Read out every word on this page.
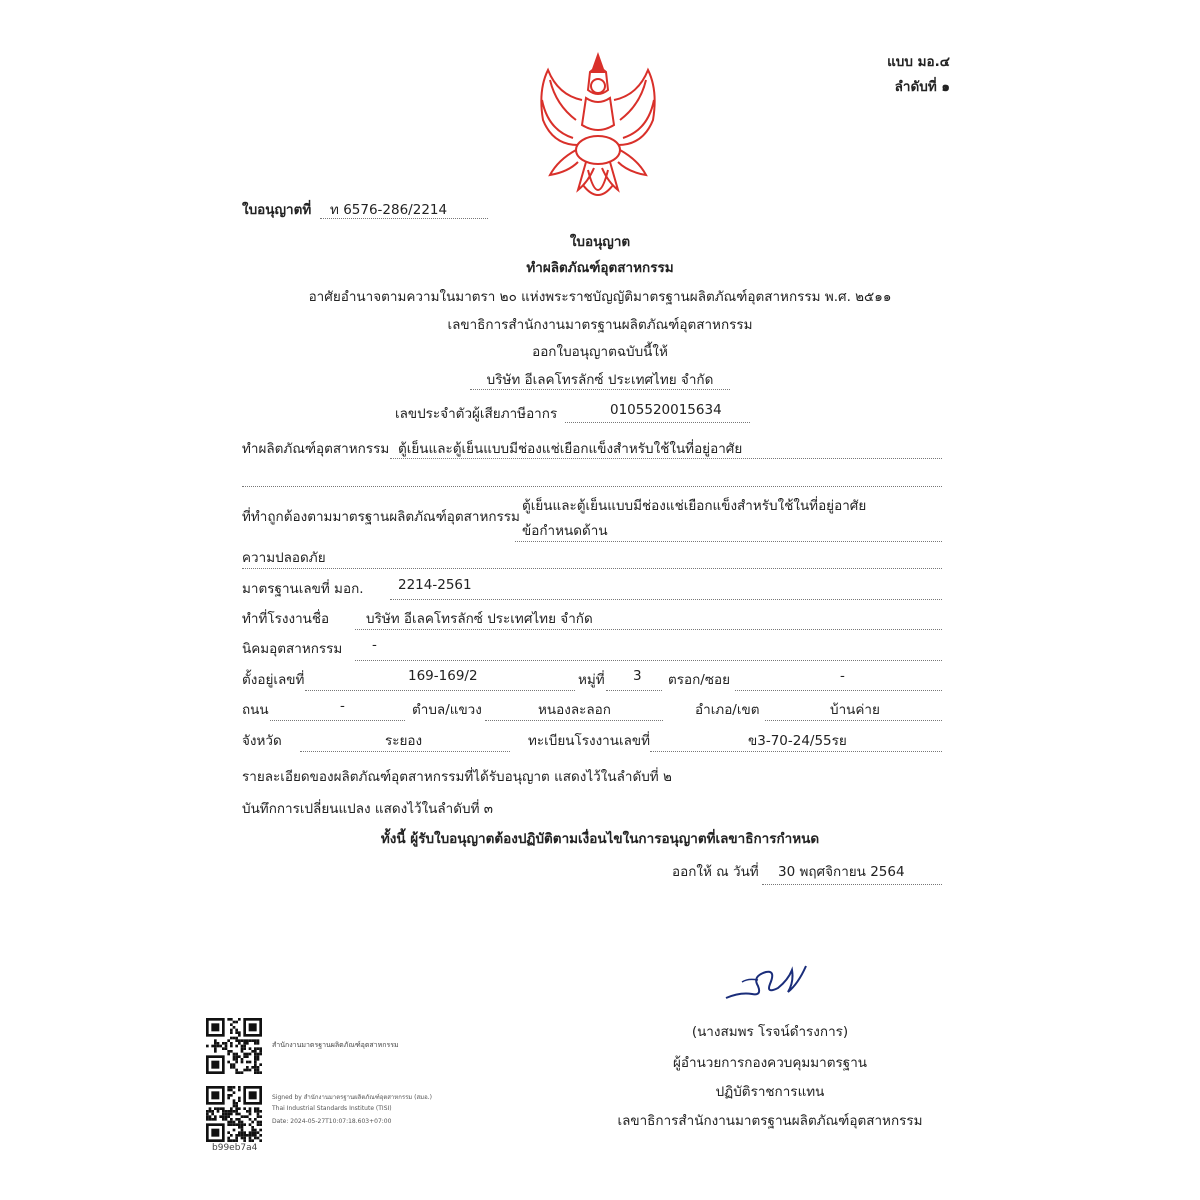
แบบ มอ.๔
ลำดับที่ ๑
ใบอนุญาตที่ ท 6576-286/2214
ใบอนุญาต
ทำผลิตภัณฑ์อุตสาหกรรม
อาศัยอำนาจตามความในมาตรา ๒๐ แห่งพระราชบัญญัติมาตรฐานผลิตภัณฑ์อุตสาหกรรม พ.ศ. ๒๕๑๑
เลขาธิการสำนักงานมาตรฐานผลิตภัณฑ์อุตสาหกรรม
ออกใบอนุญาตฉบับนี้ให้
บริษัท อีเลคโทรลักซ์ ประเทศไทย จำกัด
เลขประจำตัวผู้เสียภาษีอากร	0105520015634
ทำผลิตภัณฑ์อุตสาหกรรม ตู้เย็นและตู้เย็นแบบมีช่องแช่เยือกแข็งสำหรับใช้ในที่อยู่อาศัย
ที่ทำถูกต้องตามมาตรฐานผลิตภัณฑ์อุตสาหกรรม
ตู้เย็นและตู้เย็นแบบมีช่องแช่เยือกแข็งสำหรับใช้ในที่อยู่อาศัย
ข้อกำหนดด้าน
ความปลอดภัย
มาตรฐานเลขที่ มอก.	2214-2561
ทำที่โรงงานชื่อ	บริษัท อีเลคโทรลักซ์ ประเทศไทย จำกัด
นิคมอุตสาหกรรม -
ตั้งอยู่เลขที่	169-169/2	หมู่ที่ 3 ตรอก/ซอย	-
ถนน	-	ตำบล/แขวง	หนองละลอก	อำเภอ/เขต	บ้านค่าย
จังหวัด	ระยอง	ทะเบียนโรงงานเลขที่	ข3-70-24/55รย
รายละเอียดของผลิตภัณฑ์อุตสาหกรรมที่ได้รับอนุญาต แสดงไว้ในลำดับที่ ๒
บันทึกการเปลี่ยนแปลง แสดงไว้ในลำดับที่ ๓
ทั้งนี้ ผู้รับใบอนุญาตต้องปฏิบัติตามเงื่อนไขในการอนุญาตที่เลขาธิการกำหนด
ออกให้ ณ วันที่ 30 พฤศจิกายน 2564
(นางสมพร โรจน์ดำรงการ)
ผู้อำนวยการกองควบคุมมาตรฐาน
ปฏิบัติราชการแทน
เลขาธิการสำนักงานมาตรฐานผลิตภัณฑ์อุตสาหกรรม
สำนักงานมาตรฐานผลิตภัณฑ์อุตสาหกรรม
Signed by สำนักงานมาตรฐานผลิตภัณฑ์อุตสาหกรรม (สมอ.)
Thai Industrial Standards Institute (TISI)
Date: 2024-05-27T10:07:18.603+07:00
b99eb7a4
